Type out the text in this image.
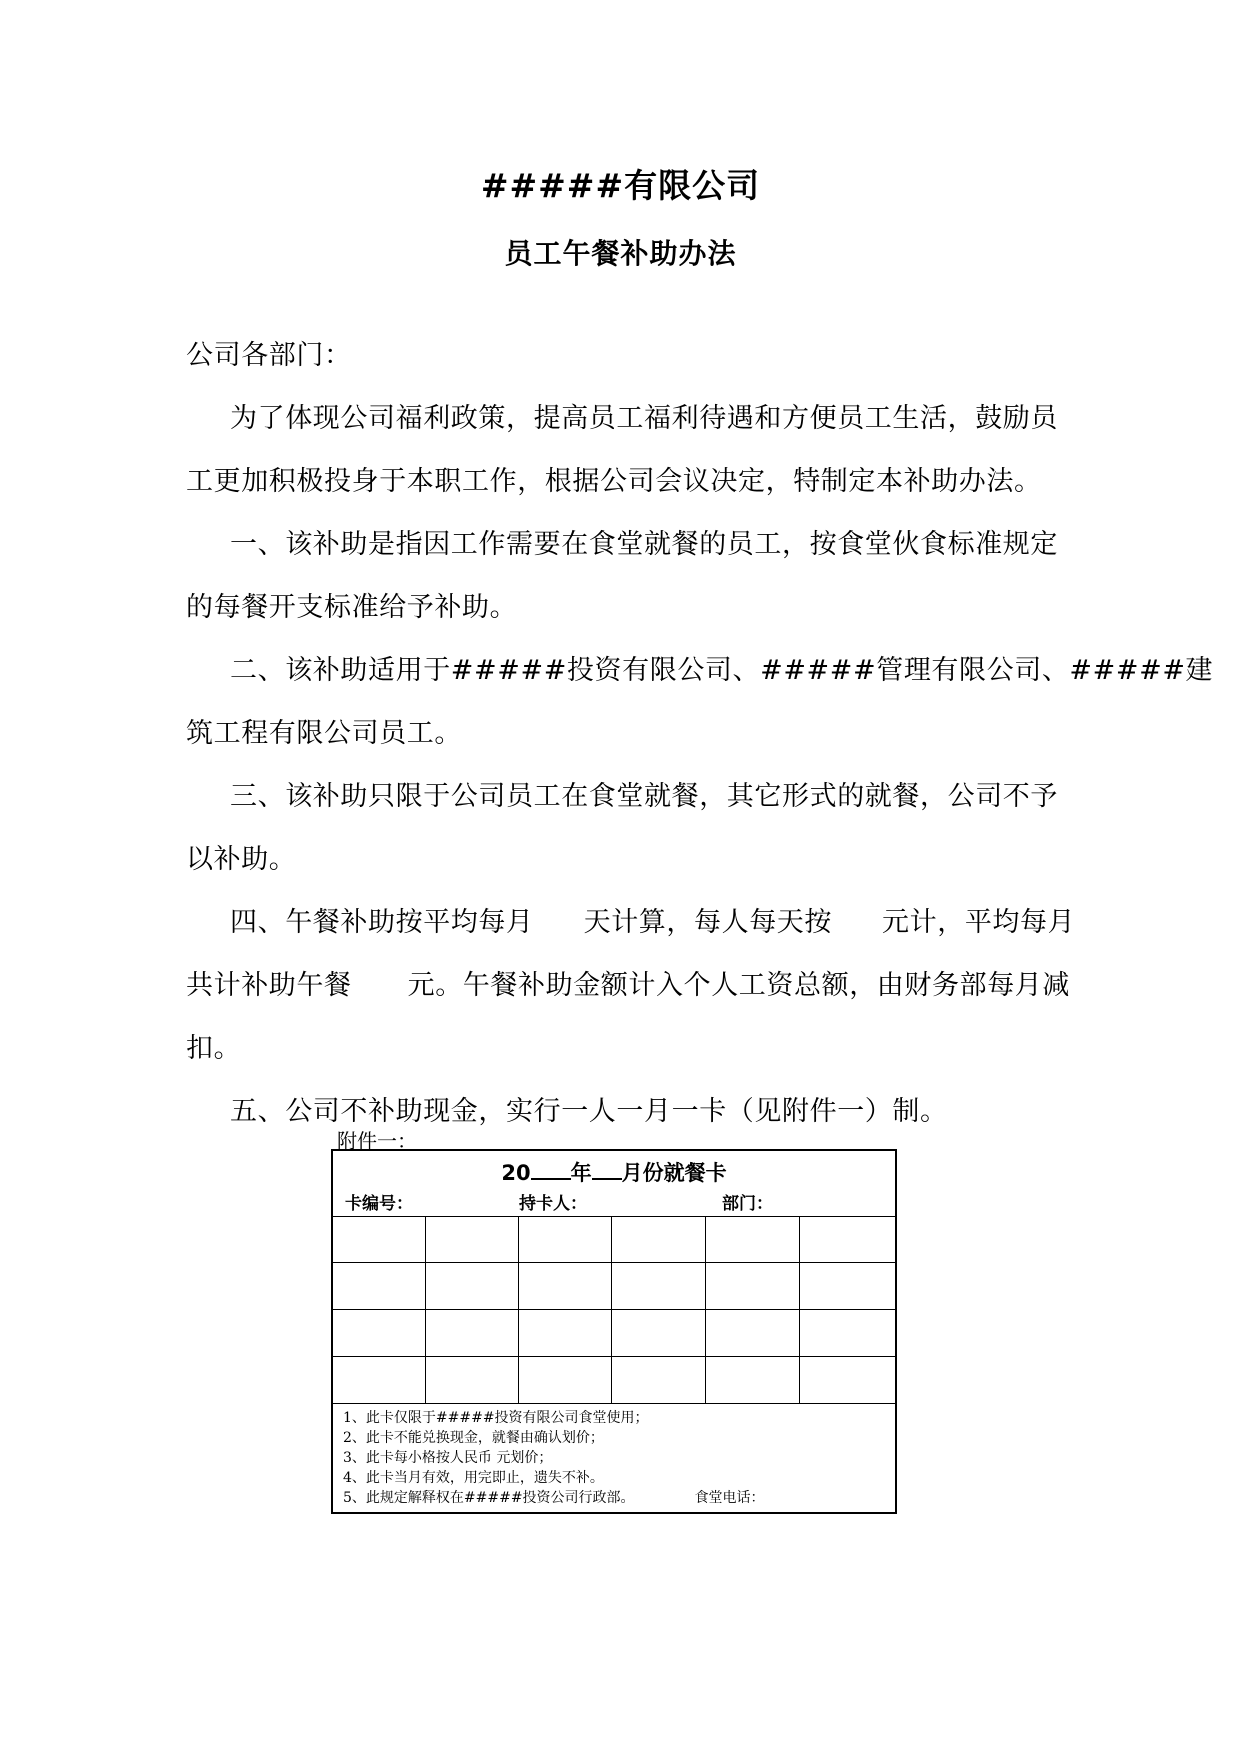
#####有限公司
员工午餐补助办法
公司各部门：
为了体现公司福利政策，提高员工福利待遇和方便员工生活，鼓励员
工更加积极投身于本职工作，根据公司会议决定，特制定本补助办法。
一、该补助是指因工作需要在食堂就餐的员工，按食堂伙食标准规定
的每餐开支标准给予补助。
二、该补助适用于#####投资有限公司、#####管理有限公司、#####建
筑工程有限公司员工。
三、该补助只限于公司员工在食堂就餐，其它形式的就餐，公司不予
以补助。
四、午餐补助按平均每月 天计算，每人每天按 元计，平均每月
共计补助午餐 元。午餐补助金额计入个人工资总额，由财务部每月减
扣。
五、公司不补助现金，实行一人一月一卡（见附件一）制。
附件一：
20 年 月份就餐卡
卡编号：	持卡人：	部门：

1、此卡仅限于#####投资有限公司食堂使用；
2、此卡不能兑换现金，就餐由确认划价；
3、此卡每小格按人民币 元划价；
4、此卡当月有效，用完即止，遗失不补。
5、此规定解释权在#####投资公司行政部。	食堂电话：
